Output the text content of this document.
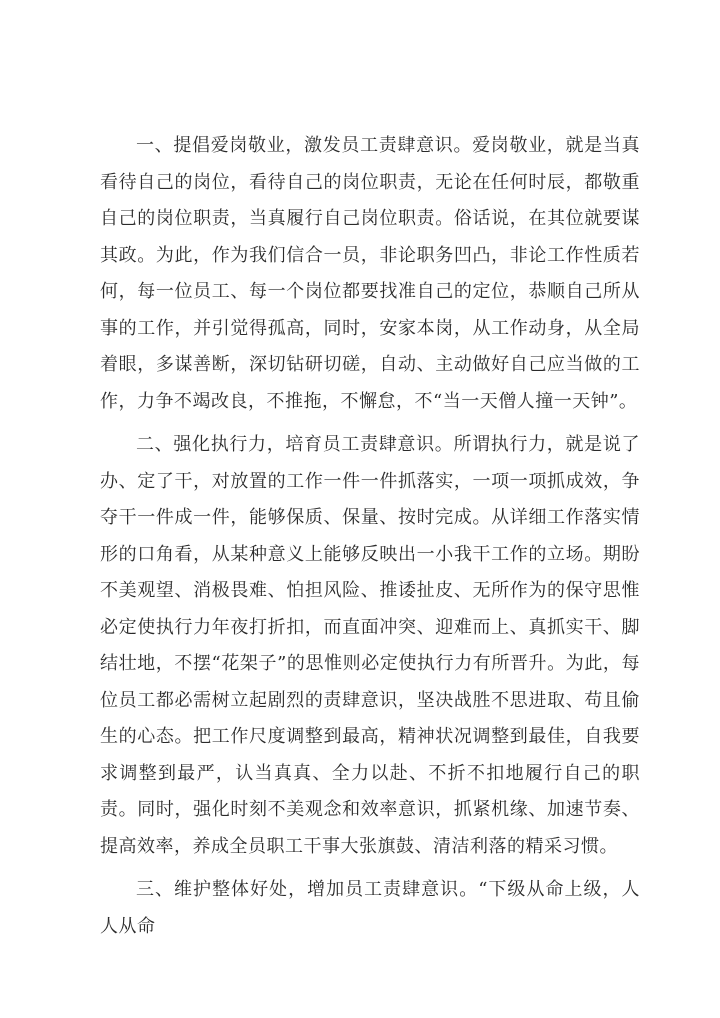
一、提倡爱岗敬业，激发员工责肆意识。爱岗敬业，就是当真看待自己的岗位，看待自己的岗位职责，无论在任何时辰，都敬重自己的岗位职责，当真履行自己岗位职责。俗话说，在其位就要谋其政。为此，作为我们信合一员，非论职务凹凸，非论工作性质若何，每一位员工、每一个岗位都要找准自己的定位，恭顺自己所从事的工作，并引觉得孤高，同时，安家本岗，从工作动身，从全局着眼，多谋善断，深切钻研切磋，自动、主动做好自己应当做的工作，力争不竭改良，不推拖，不懈怠，不“当一天僧人撞一天钟”。

二、强化执行力，培育员工责肆意识。所谓执行力，就是说了办、定了干，对放置的工作一件一件抓落实，一项一项抓成效，争夺干一件成一件，能够保质、保量、按时完成。从详细工作落实情形的口角看，从某种意义上能够反映出一小我干工作的立场。期盼不美观望、消极畏难、怕担风险、推诿扯皮、无所作为的保守思惟必定使执行力年夜打折扣，而直面冲突、迎难而上、真抓实干、脚结壮地，不摆“花架子”的思惟则必定使执行力有所晋升。为此，每位员工都必需树立起剧烈的责肆意识，坚决战胜不思进取、苟且偷生的心态。把工作尺度调整到最高，精神状况调整到最佳，自我要求调整到最严，认当真真、全力以赴、不折不扣地履行自己的职责。同时，强化时刻不美观念和效率意识，抓紧机缘、加速节奏、提高效率，养成全员职工干事大张旗鼓、清洁利落的精采习惯。

三、维护整体好处，增加员工责肆意识。“下级从命上级，人人从命
